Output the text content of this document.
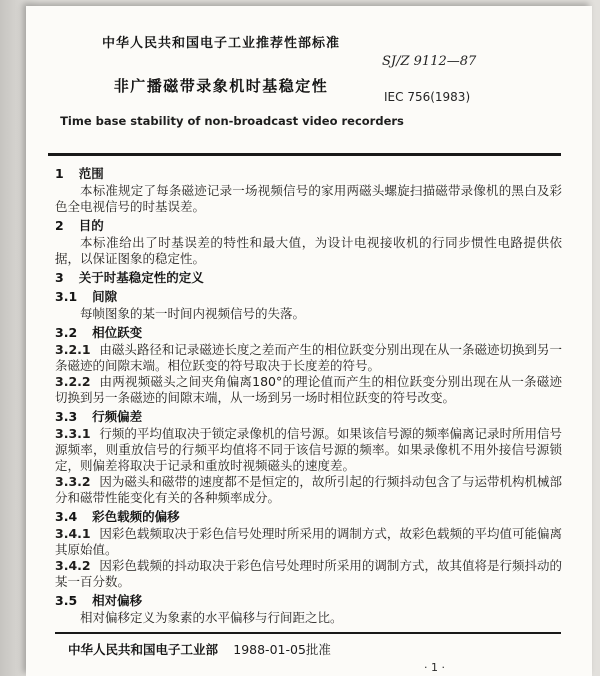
中华人民共和国电子工业推荐性部标准
SJ/Z 9112—87
非广播磁带录象机时基稳定性
IEC 756(1983)
Time base stability of non-broadcast video recorders
1 范围
本标准规定了每条磁迹记录一场视频信号的家用两磁头螺旋扫描磁带录像机的黑白及彩色全电视信号的时基误差。
2 目的
本标准给出了时基误差的特性和最大值，为设计电视接收机的行同步惯性电路提供依据，以保证图象的稳定性。
3 关于时基稳定性的定义
3.1 间隙
每帧图象的某一时间内视频信号的失落。
3.2 相位跃变
3.2.1 由磁头路径和记录磁迹长度之差而产生的相位跃变分别出现在从一条磁迹切换到另一条磁迹的间隙末端。相位跃变的符号取决于长度差的符号。
3.2.2 由两视频磁头之间夹角偏离180°的理论值而产生的相位跃变分别出现在从一条磁迹切换到另一条磁迹的间隙末端，从一场到另一场时相位跃变的符号改变。
3.3 行频偏差
3.3.1 行频的平均值取决于锁定录像机的信号源。如果该信号源的频率偏离记录时所用信号源频率，则重放信号的行频平均值将不同于该信号源的频率。如果录像机不用外接信号源锁定，则偏差将取决于记录和重放时视频磁头的速度差。
3.3.2 因为磁头和磁带的速度都不是恒定的，故所引起的行频抖动包含了与运带机构机械部分和磁带性能变化有关的各种频率成分。
3.4 彩色载频的偏移
3.4.1 因彩色载频取决于彩色信号处理时所采用的调制方式，故彩色载频的平均值可能偏离其原始值。
3.4.2 因彩色载频的抖动取决于彩色信号处理时所采用的调制方式，故其值将是行频抖动的某一百分数。
3.5 相对偏移
相对偏移定义为象素的水平偏移与行间距之比。
中华人民共和国电子工业部 1988-01-05批准
· 1 ·
